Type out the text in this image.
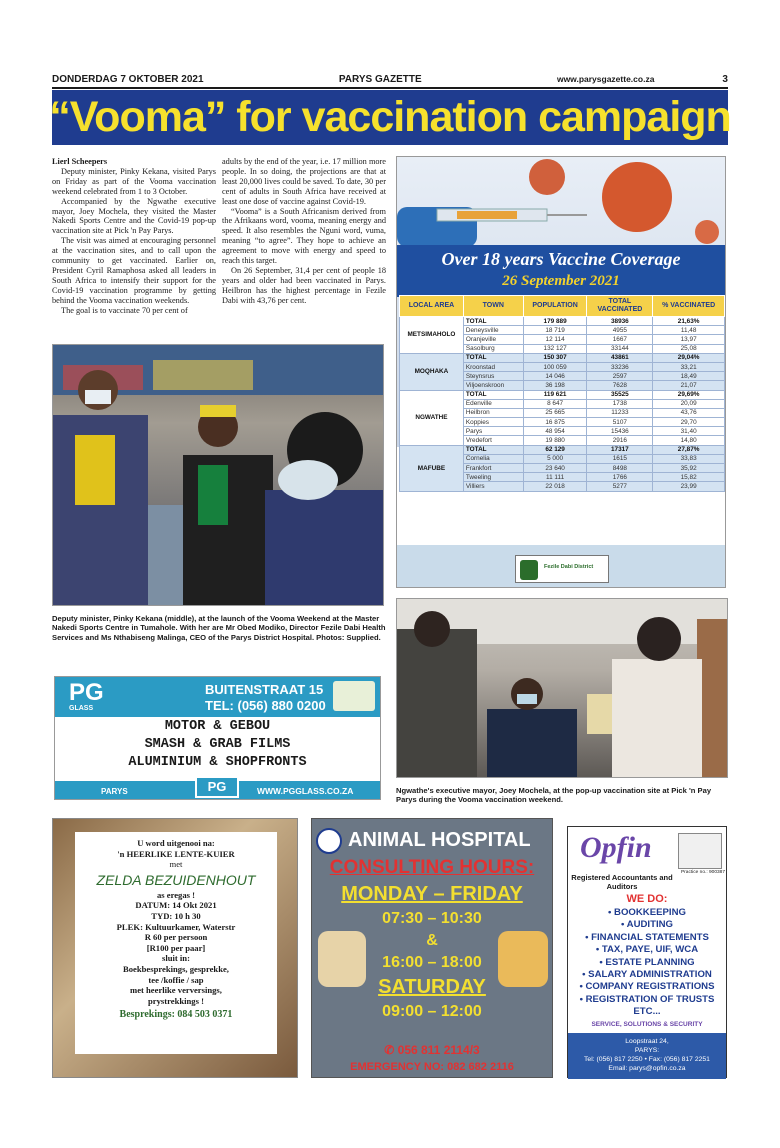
DONDERDAG 7 OKTOBER 2021	PARYS GAZETTE	www.parysgazette.co.za	3
“Vooma” for vaccination campaign

Lierl Scheepers

Deputy minister, Pinky Kekana, visited Parys on Friday as part of the Vooma vaccination weekend celebrated from 1 to 3 October.

Accompanied by the Ngwathe executive mayor, Joey Mochela, they visited the Master Nakedi Sports Centre and the Covid-19 pop-up vaccination site at Pick 'n Pay Parys.

The visit was aimed at encouraging personnel at the vaccination sites, and to call upon the community to get vaccinated. Earlier on, President Cyril Ramaphosa asked all leaders in South Africa to intensify their support for the Covid-19 vaccination programme by getting behind the Vooma vaccination weekends.

The goal is to vaccinate 70 per cent of

adults by the end of the year, i.e. 17 million more people. In so doing, the projections are that at least 20,000 lives could be saved. To date, 30 per cent of adults in South Africa have received at least one dose of vaccine against Covid-19.

“Vooma” is a South Africanism derived from the Afrikaans word, vooma, meaning energy and speed. It also resembles the Nguni word, vuma, meaning “to agree”. They hope to achieve an agreement to move with energy and speed to reach this target.

On 26 September, 31,4 per cent of people 18 years and older had been vaccinated in Parys. Heilbron has the highest percentage in Fezile Dabi with 43,76 per cent.

Deputy minister, Pinky Kekana (middle), at the launch of the Vooma Weekend at the Master Nakedi Sports Centre in Tumahole. With her are Mr Obed Modiko, Director Fezile Dabi Health Services and Ms Nthabiseng Malinga, CEO of the Parys District Hospital. Photos: Supplied.
Over 18 years Vaccine Coverage
26 September 2021
LOCAL AREA	TOWN	POPULATION	TOTAL VACCINATED	% VACCINATED
METSIMAHOLO	TOTAL	179 889	38936	21,63%
	Deneysville	18 719	4955	11,48
	Oranjeville	12 114	1667	13,97
	Sasolburg	132 127	33144	25,08
MOQHAKA	TOTAL	150 307	43861	29,04%
	Kroonstad	100 059	33236	33,21
	Steynsrus	14 046	2597	18,49
	Viljoenskroon	36 198	7628	21,07
NGWATHE	TOTAL	119 621	35525	29,69%
	Edenville	8 647	1738	20,09
	Heilbron	25 665	11233	43,76
	Koppies	16 875	5107	29,70
	Parys	48 954	15436	31,40
	Vredefort	19 880	2916	14,80
MAFUBE	TOTAL	62 129	17317	27,87%
	Cornelia	5 000	1615	33,83
	Frankfort	23 640	8498	35,92
	Tweeling	11 111	1766	15,82
	Villiers	22 018	5277	23,99
Fezile Dabi District
Ngwathe's executive mayor, Joey Mochela, at the pop-up vaccination site at Pick 'n Pay Parys during the Vooma vaccination weekend.
PG
GLASS
BUITENSTRAAT 15
TEL: (056) 880 0200
MOTOR & GEBOU
SMASH & GRAB FILMS
ALUMINIUM & SHOPFRONTS
PARYS	PG	WWW.PGGLASS.CO.ZA
U word uitgenooi na:
'n HEERLIKE LENTE-KUIER
met
ZELDA BEZUIDENHOUT
as eregas !
DATUM: 14 Okt 2021
TYD: 10 h 30
PLEK: Kultuurkamer, Waterstr
R 60 per persoon
[R100 per paar]
sluit in:
Boekbesprekings, gesprekke,
tee /koffie / sap
met heerlike verversings,
prystrekkings !
Besprekings: 084 503 0371
ANIMAL HOSPITAL
CONSULTING HOURS:
MONDAY – FRIDAY
07:30 – 10:30
&
16:00 – 18:00
SATURDAY
09:00 – 12:00
✆ 056 811 2114/3
EMERGENCY NO: 082 682 2116
Opfin
Practice no.: 900387
Registered Accountants and Auditors
WE DO:
• BOOKKEEPING
• AUDITING
• FINANCIAL STATEMENTS
• TAX, PAYE, UIF, WCA
• ESTATE PLANNING
• SALARY ADMINISTRATION
• COMPANY REGISTRATIONS
• REGISTRATION OF TRUSTS
ETC...
SERVICE, SOLUTIONS & SECURITY
Loopstraat 24,
PARYS:
Tel: (056) 817 2250 • Fax: (056) 817 2251
Email: parys@opfin.co.za
